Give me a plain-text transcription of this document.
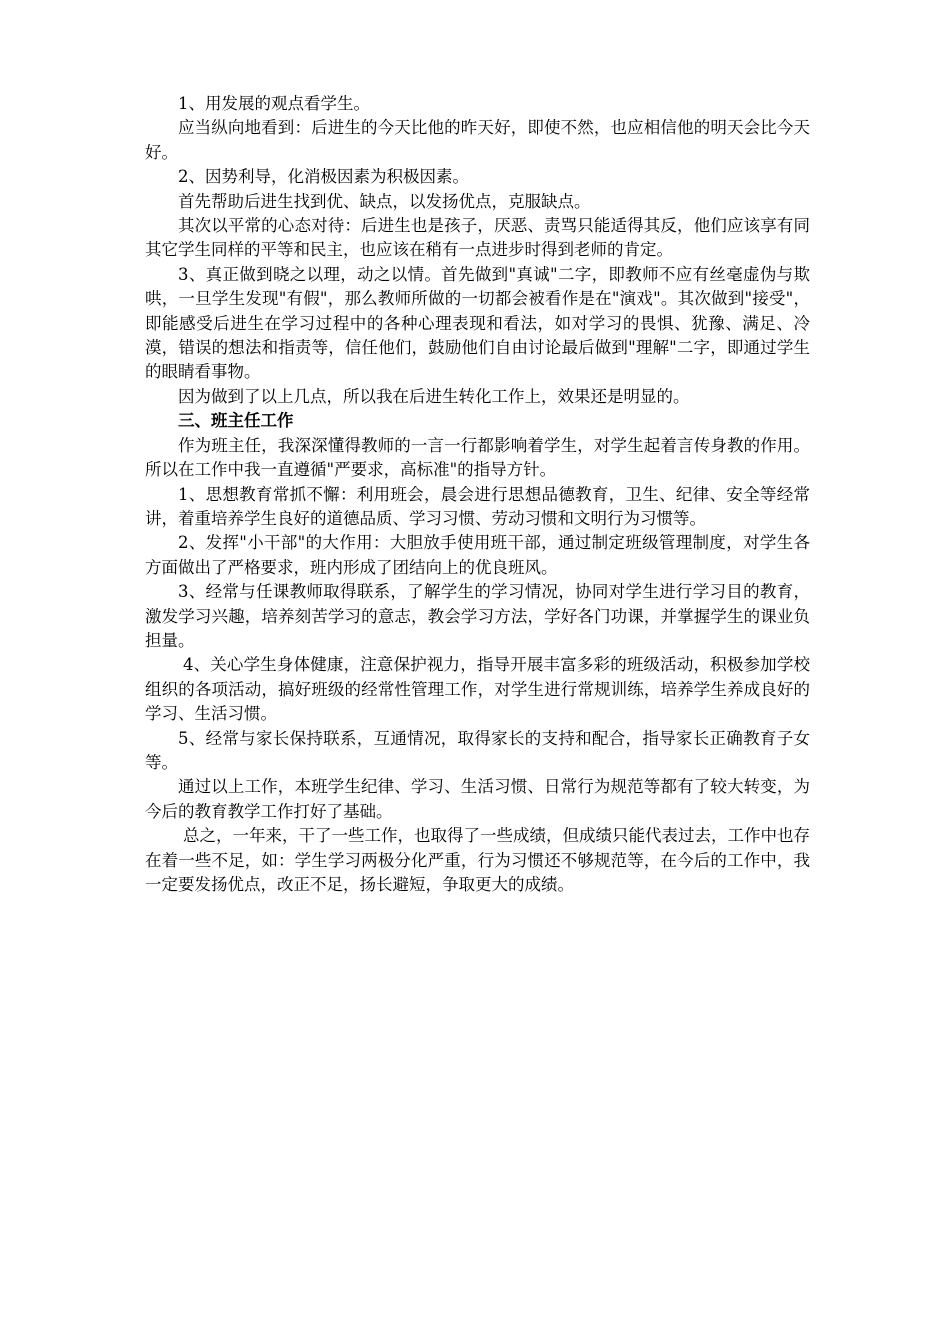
1、用发展的观点看学生。

应当纵向地看到：后进生的今天比他的昨天好，即使不然，也应相信他的明天会比今天好。

2、因势利导，化消极因素为积极因素。

首先帮助后进生找到优、缺点，以发扬优点，克服缺点。

其次以平常的心态对待：后进生也是孩子，厌恶、责骂只能适得其反，他们应该享有同其它学生同样的平等和民主，也应该在稍有一点进步时得到老师的肯定。

3、真正做到晓之以理，动之以情。首先做到"真诚"二字，即教师不应有丝毫虚伪与欺哄，一旦学生发现"有假"，那么教师所做的一切都会被看作是在"演戏"。其次做到"接受"，即能感受后进生在学习过程中的各种心理表现和看法，如对学习的畏惧、犹豫、满足、冷漠，错误的想法和指责等，信任他们，鼓励他们自由讨论最后做到"理解"二字，即通过学生的眼睛看事物。

因为做到了以上几点，所以我在后进生转化工作上，效果还是明显的。

三、班主任工作

作为班主任，我深深懂得教师的一言一行都影响着学生，对学生起着言传身教的作用。所以在工作中我一直遵循"严要求，高标准"的指导方针。

1、思想教育常抓不懈：利用班会，晨会进行思想品德教育，卫生、纪律、安全等经常讲，着重培养学生良好的道德品质、学习习惯、劳动习惯和文明行为习惯等。

2、发挥"小干部"的大作用：大胆放手使用班干部，通过制定班级管理制度，对学生各方面做出了严格要求，班内形成了团结向上的优良班风。

3、经常与任课教师取得联系，了解学生的学习情况，协同对学生进行学习目的教育，激发学习兴趣，培养刻苦学习的意志，教会学习方法，学好各门功课，并掌握学生的课业负担量。

4、关心学生身体健康，注意保护视力，指导开展丰富多彩的班级活动，积极参加学校组织的各项活动，搞好班级的经常性管理工作，对学生进行常规训练，培养学生养成良好的学习、生活习惯。

5、经常与家长保持联系，互通情况，取得家长的支持和配合，指导家长正确教育子女等。

通过以上工作，本班学生纪律、学习、生活习惯、日常行为规范等都有了较大转变，为今后的教育教学工作打好了基础。

总之，一年来，干了一些工作，也取得了一些成绩，但成绩只能代表过去，工作中也存在着一些不足，如：学生学习两极分化严重，行为习惯还不够规范等，在今后的工作中，我一定要发扬优点，改正不足，扬长避短，争取更大的成绩。
